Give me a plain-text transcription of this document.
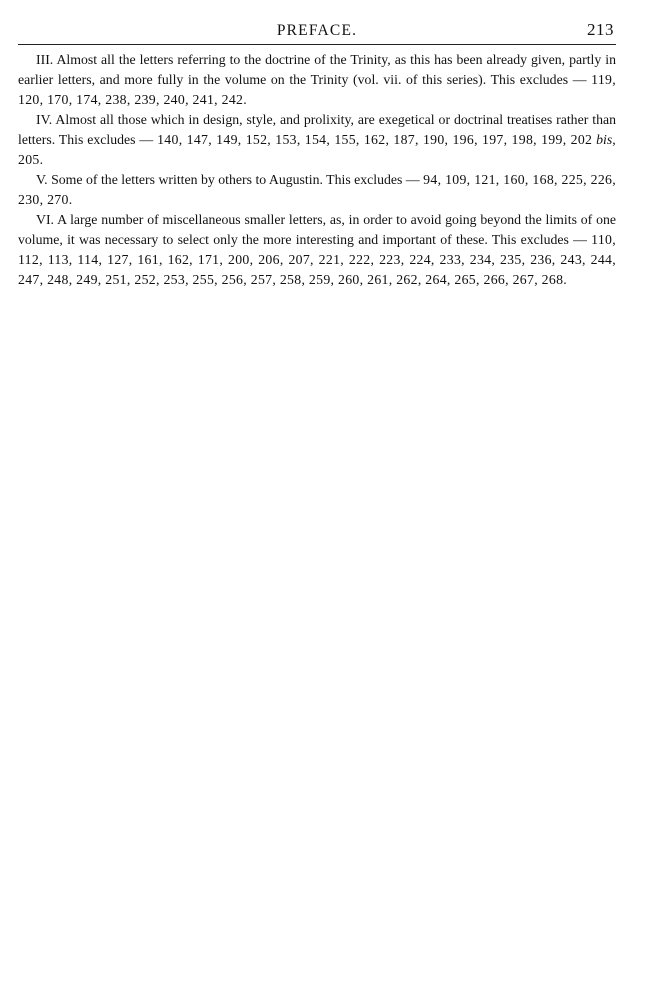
PREFACE.	213

III. Almost all the letters referring to the doctrine of the Trinity, as this has been already given, partly in earlier letters, and more fully in the volume on the Trinity (vol. vii. of this series). This excludes — 119, 120, 170, 174, 238, 239, 240, 241, 242.

IV. Almost all those which in design, style, and prolixity, are exegetical or doctrinal treatises rather than letters. This excludes — 140, 147, 149, 152, 153, 154, 155, 162, 187, 190, 196, 197, 198, 199, 202 bis, 205.

V. Some of the letters written by others to Augustin. This excludes — 94, 109, 121, 160, 168, 225, 226, 230, 270.

VI. A large number of miscellaneous smaller letters, as, in order to avoid going beyond the limits of one volume, it was necessary to select only the more interesting and important of these. This excludes — 110, 112, 113, 114, 127, 161, 162, 171, 200, 206, 207, 221, 222, 223, 224, 233, 234, 235, 236, 243, 244, 247, 248, 249, 251, 252, 253, 255, 256, 257, 258, 259, 260, 261, 262, 264, 265, 266, 267, 268.
